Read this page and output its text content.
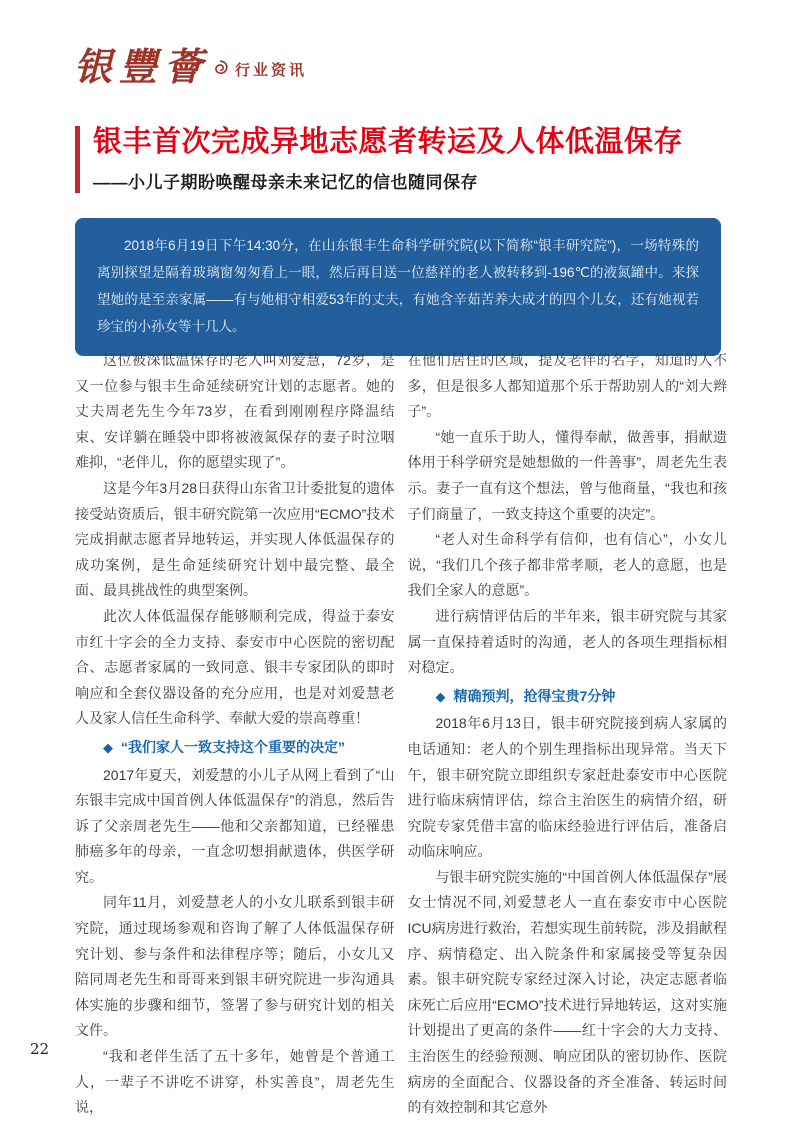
银豐薈 行业资讯
银丰首次完成异地志愿者转运及人体低温保存
——小儿子期盼唤醒母亲未来记忆的信也随同保存

2018年6月19日下午14:30分，在山东银丰生命科学研究院(以下简称“银丰研究院”)，一场特殊的离别探望是隔着玻璃窗匆匆看上一眼，然后再目送一位慈祥的老人被转移到-196℃的液氮罐中。来探望她的是至亲家属——有与她相守相爱53年的丈夫，有她含辛茹苦养大成才的四个儿女，还有她视若珍宝的小孙女等十几人。

这位被深低温保存的老人叫刘爱慧，72岁，是又一位参与银丰生命延续研究计划的志愿者。她的丈夫周老先生今年73岁，在看到刚刚程序降温结束、安详躺在睡袋中即将被液氮保存的妻子时泣咽难抑，“老伴儿，你的愿望实现了”。

这是今年3月28日获得山东省卫计委批复的遗体接受站资质后，银丰研究院第一次应用“ECMO”技术完成捐献志愿者异地转运，并实现人体低温保存的成功案例，是生命延续研究计划中最完整、最全面、最具挑战性的典型案例。

此次人体低温保存能够顺利完成，得益于泰安市红十字会的全力支持、泰安市中心医院的密切配合、志愿者家属的一致同意、银丰专家团队的即时响应和全套仪器设备的充分应用，也是对刘爱慧老人及家人信任生命科学、奉献大爱的崇高尊重！

◆ “我们家人一致支持这个重要的决定”

2017年夏天，刘爱慧的小儿子从网上看到了“山东银丰完成中国首例人体低温保存”的消息，然后告诉了父亲周老先生——他和父亲都知道，已经罹患肺癌多年的母亲，一直念叨想捐献遗体，供医学研究。

同年11月，刘爱慧老人的小女儿联系到银丰研究院，通过现场参观和咨询了解了人体低温保存研究计划、参与条件和法律程序等；随后，小女儿又陪同周老先生和哥哥来到银丰研究院进一步沟通具体实施的步骤和细节，签署了参与研究计划的相关文件。

“我和老伴生活了五十多年，她曾是个普通工人，一辈子不讲吃不讲穿，朴实善良”，周老先生说，

在他们居住的区域，提及老伴的名字，知道的人不多，但是很多人都知道那个乐于帮助别人的“刘大辫子”。

“她一直乐于助人，懂得奉献，做善事，捐献遗体用于科学研究是她想做的一件善事”，周老先生表示。妻子一直有这个想法，曾与他商量，“我也和孩子们商量了，一致支持这个重要的决定”。

“老人对生命科学有信仰，也有信心”，小女儿说，“我们几个孩子都非常孝顺，老人的意愿，也是我们全家人的意愿”。

进行病情评估后的半年来，银丰研究院与其家属一直保持着适时的沟通，老人的各项生理指标相对稳定。

◆ 精确预判，抢得宝贵7分钟

2018年6月13日，银丰研究院接到病人家属的电话通知：老人的个别生理指标出现异常。当天下午，银丰研究院立即组织专家赶赴泰安市中心医院进行临床病情评估，综合主治医生的病情介绍，研究院专家凭借丰富的临床经验进行评估后，准备启动临床响应。

与银丰研究院实施的“中国首例人体低温保存”展女士情况不同,刘爱慧老人一直在泰安市中心医院ICU病房进行救治，若想实现生前转院，涉及捐献程序、病情稳定、出入院条件和家属接受等复杂因素。银丰研究院专家经过深入讨论，决定志愿者临床死亡后应用“ECMO”技术进行异地转运，这对实施计划提出了更高的条件——红十字会的大力支持、主治医生的经验预测、响应团队的密切协作、医院病房的全面配合、仪器设备的齐全准备、转运时间的有效控制和其它意外

22
